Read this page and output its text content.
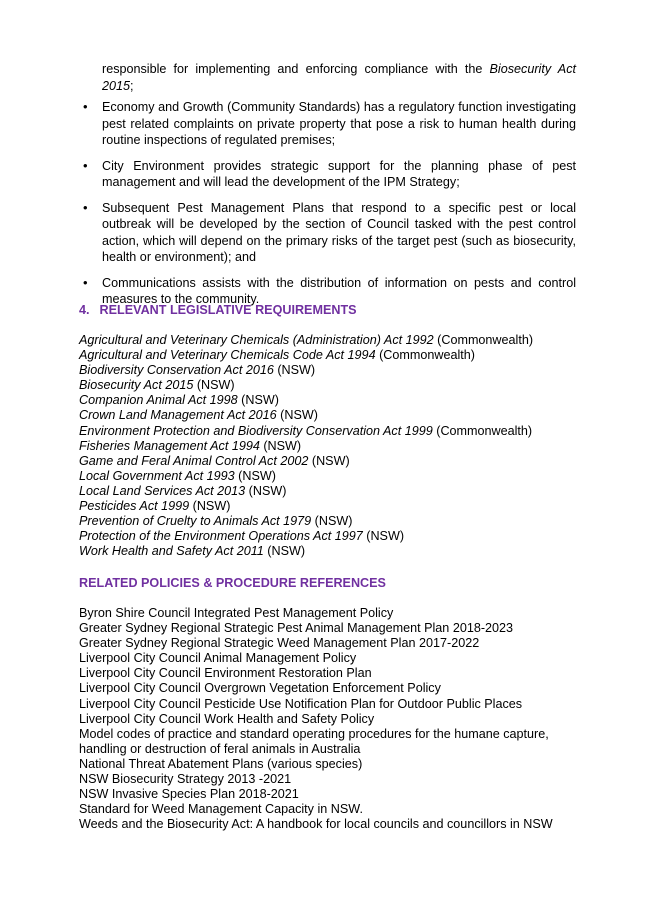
responsible for implementing and enforcing compliance with the Biosecurity Act 2015;
• Economy and Growth (Community Standards) has a regulatory function investigating pest related complaints on private property that pose a risk to human health during routine inspections of regulated premises;
• City Environment provides strategic support for the planning phase of pest management and will lead the development of the IPM Strategy;
• Subsequent Pest Management Plans that respond to a specific pest or local outbreak will be developed by the section of Council tasked with the pest control action, which will depend on the primary risks of the target pest (such as biosecurity, health or environment); and
• Communications assists with the distribution of information on pests and control measures to the community.
4. RELEVANT LEGISLATIVE REQUIREMENTS
Agricultural and Veterinary Chemicals (Administration) Act 1992 (Commonwealth)
Agricultural and Veterinary Chemicals Code Act 1994 (Commonwealth)
Biodiversity Conservation Act 2016 (NSW)
Biosecurity Act 2015 (NSW)
Companion Animal Act 1998 (NSW)
Crown Land Management Act 2016 (NSW)
Environment Protection and Biodiversity Conservation Act 1999 (Commonwealth)
Fisheries Management Act 1994 (NSW)
Game and Feral Animal Control Act 2002 (NSW)
Local Government Act 1993 (NSW)
Local Land Services Act 2013 (NSW)
Pesticides Act 1999 (NSW)
Prevention of Cruelty to Animals Act 1979 (NSW)
Protection of the Environment Operations Act 1997 (NSW)
Work Health and Safety Act 2011 (NSW)
RELATED POLICIES & PROCEDURE REFERENCES
Byron Shire Council Integrated Pest Management Policy
Greater Sydney Regional Strategic Pest Animal Management Plan 2018-2023
Greater Sydney Regional Strategic Weed Management Plan 2017-2022
Liverpool City Council Animal Management Policy
Liverpool City Council Environment Restoration Plan
Liverpool City Council Overgrown Vegetation Enforcement Policy
Liverpool City Council Pesticide Use Notification Plan for Outdoor Public Places
Liverpool City Council Work Health and Safety Policy
Model codes of practice and standard operating procedures for the humane capture, handling or destruction of feral animals in Australia
National Threat Abatement Plans (various species)
NSW Biosecurity Strategy 2013 -2021
NSW Invasive Species Plan 2018-2021
Standard for Weed Management Capacity in NSW.
Weeds and the Biosecurity Act: A handbook for local councils and councillors in NSW
